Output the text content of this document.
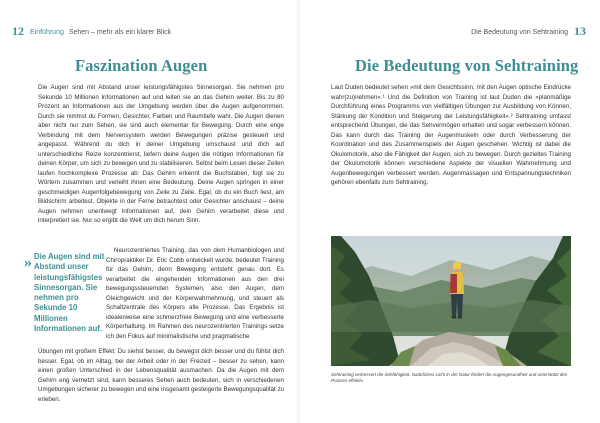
12 Einführung Sehen – mehr als ein klarer Blick
Faszination Augen

Die Augen sind mit Abstand unser leistungsfähigstes Sinnesorgan. Sie nehmen pro Sekunde 10 Millionen Informationen auf und leiten sie an das Gehirn weiter. Bis zu 80 Prozent an Informationen aus der Umgebung werden über die Augen aufgenommen. Durch sie nimmst du Formen, Gesichter, Farben und Raumtiefe wahr. Die Augen dienen aber nicht nur zum Sehen, sie sind auch elementar für Bewegung. Durch eine enge Verbindung mit dem Nervensystem werden Bewegungen präzise gesteuert und angepasst. Während du dich in deiner Umgebung umschaust und dich auf unterschiedliche Reize konzentrierst, liefern deine Augen die nötigen Informationen für deinen Körper, um sich zu bewegen und zu stabilisieren. Selbst beim Lesen dieser Zeilen laufen hochkomplexe Prozesse ab: Das Gehirn erkennt die Buchstaben, fügt sie zu Wörtern zusammen und verleiht ihnen eine Bedeutung. Deine Augen springen in einer geschmeidigen Augenfolgebewegung von Zeile zu Zeile. Egal, ob du ein Buch liest, am Bildschirm arbeitest, Objekte in der Ferne betrachtest oder Gesichter anschaust – deine Augen nehmen unentwegt Informationen auf, dein Gehirn verarbeitet diese und interpretiert sie. Nur so ergibt die Welt um dich herum Sinn.

» Die Augen sind mit Abstand unser leistungsfähigstes Sinnesorgan. Sie nehmen pro Sekunde 10 Millionen Informationen auf.

Neurozentriertes Training, das von dem Humanbiologen und Chiropraktiker Dr. Eric Cobb entwickelt wurde, bedeutet Training für das Gehirn, denn Bewegung entsteht genau dort. Es verarbeitet die eingehenden Informationen aus den drei bewegungssteuernden Systemen, also den Augen, dem Gleichgewicht und der Körperwahrnehmung, und steuert als Schaltzentrale des Körpers alle Prozesse. Das Ergebnis ist idealerweise eine schmerzfreie Bewegung und eine verbesserte Körperhaltung. Im Rahmen des neurozentrierten Trainings setze ich den Fokus auf minimalistische und pragmatische

Übungen mit großem Effekt: Du siehst besser, du bewegst dich besser und du fühlst dich besser. Egal, ob im Alltag, bei der Arbeit oder in der Freizeit – besser zu sehen, kann einen großen Unterschied in der Lebensqualität ausmachen. Da die Augen mit dem Gehirn eng vernetzt sind, kann besseres Sehen auch bedeuten, sich in verschiedenen Umgebungen sicherer zu bewegen und eine insgesamt gesteigerte Bewegungsqualität zu erleben.

Die Bedeutung von Sehtraining 13
Die Bedeutung von Sehtraining

Laut Duden bedeutet sehen »mit dem Gesichtssinn, mit den Augen optische Eindrücke wahr(zu)nehmen«.¹ Und die Definition von Training ist laut Duden die »planmäßige Durchführung eines Programms von vielfältigen Übungen zur Ausbildung von Können, Stärkung der Kondition und Steigerung der Leistungsfähigkeit«.² Sehtraining umfasst entsprechend Übungen, die das Sehvermögen erhalten und sogar verbessern können. Das kann durch das Training der Augenmuskeln oder durch Verbesserung der Koordination und des Zusammenspiels der Augen geschehen. Wichtig ist dabei die Okulomotorik, also die Fähigkeit der Augen, sich zu bewegen. Durch gezieltes Training der Okulomotorik können verschiedene Aspekte der visuellen Wahrnehmung und Augenbewegungen verbessert werden. Augenmassagen und Entspannungstechniken gehören ebenfalls zum Sehtraining.

Sehtraining verbessert die Sehfähigkeit. Natürliches Licht in der Natur fördert die Augengesundheit und unterstützt den Prozess effektiv.
